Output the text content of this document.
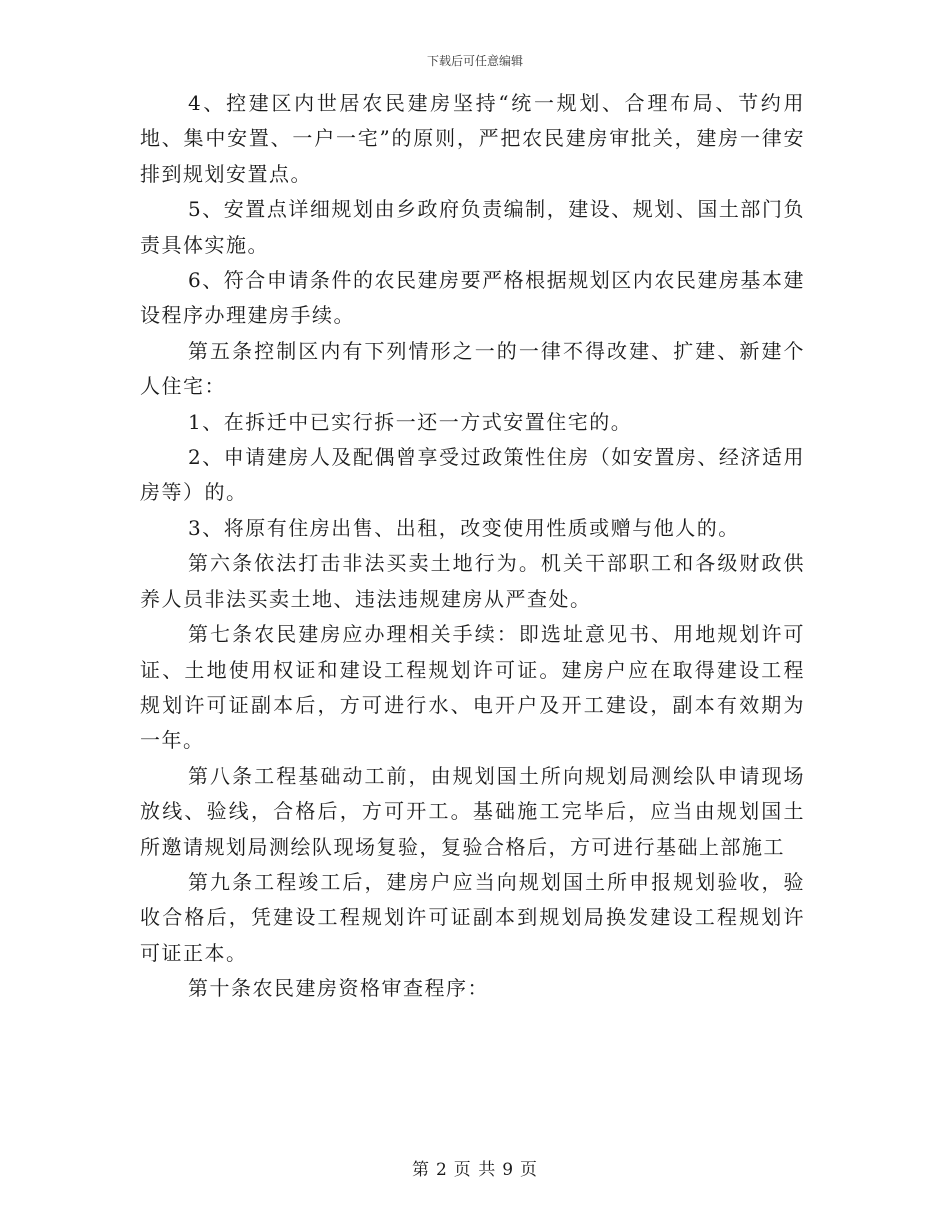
下载后可任意编辑

4、控建区内世居农民建房坚持“统一规划、合理布局、节约用地、集中安置、一户一宅”的原则，严把农民建房审批关，建房一律安排到规划安置点。

5、安置点详细规划由乡政府负责编制，建设、规划、国土部门负责具体实施。

6、符合申请条件的农民建房要严格根据规划区内农民建房基本建设程序办理建房手续。

第五条控制区内有下列情形之一的一律不得改建、扩建、新建个人住宅：

1、在拆迁中已实行拆一还一方式安置住宅的。

2、申请建房人及配偶曾享受过政策性住房（如安置房、经济适用房等）的。

3、将原有住房出售、出租，改变使用性质或赠与他人的。

第六条依法打击非法买卖土地行为。机关干部职工和各级财政供养人员非法买卖土地、违法违规建房从严查处。

第七条农民建房应办理相关手续：即选址意见书、用地规划许可证、土地使用权证和建设工程规划许可证。建房户应在取得建设工程规划许可证副本后，方可进行水、电开户及开工建设，副本有效期为一年。

第八条工程基础动工前，由规划国土所向规划局测绘队申请现场放线、验线，合格后，方可开工。基础施工完毕后，应当由规划国土所邀请规划局测绘队现场复验，复验合格后，方可进行基础上部施工

第九条工程竣工后，建房户应当向规划国土所申报规划验收，验收合格后，凭建设工程规划许可证副本到规划局换发建设工程规划许可证正本。

第十条农民建房资格审查程序：

第 2 页 共 9 页
